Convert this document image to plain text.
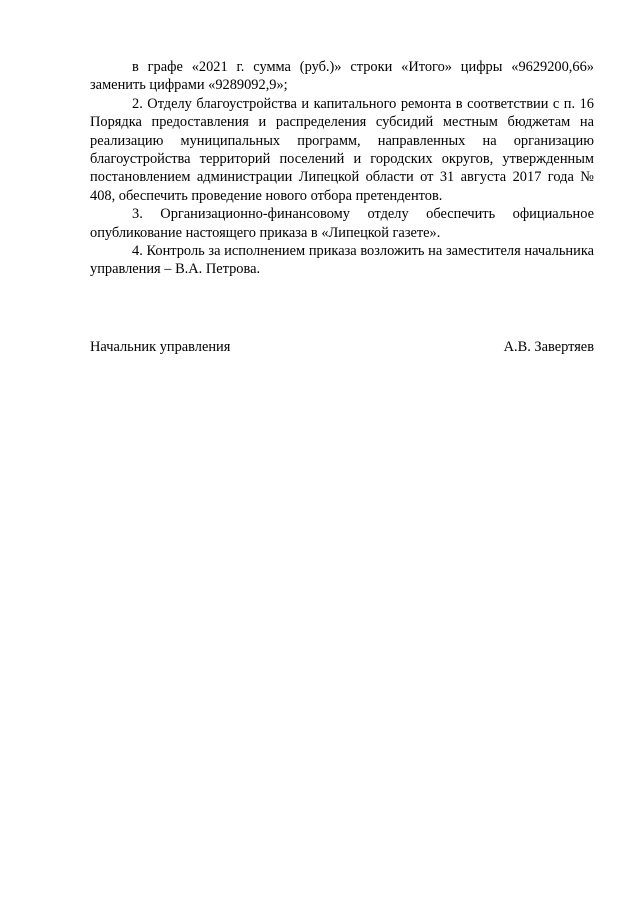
в графе «2021 г. сумма (руб.)» строки «Итого» цифры «9629200,66» заменить цифрами «9289092,9»;

2. Отделу благоустройства и капитального ремонта в соответствии с п. 16 Порядка предоставления и распределения субсидий местным бюджетам на реализацию муниципальных программ, направленных на организацию благоустройства территорий поселений и городских округов, утвержденным постановлением администрации Липецкой области от 31 августа 2017 года № 408, обеспечить проведение нового отбора претендентов.

3. Организационно-финансовому отделу обеспечить официальное опубликование настоящего приказа в «Липецкой газете».

4. Контроль за исполнением приказа возложить на заместителя начальника управления – В.А. Петрова.

Начальник управления	А.В. Завертяев
